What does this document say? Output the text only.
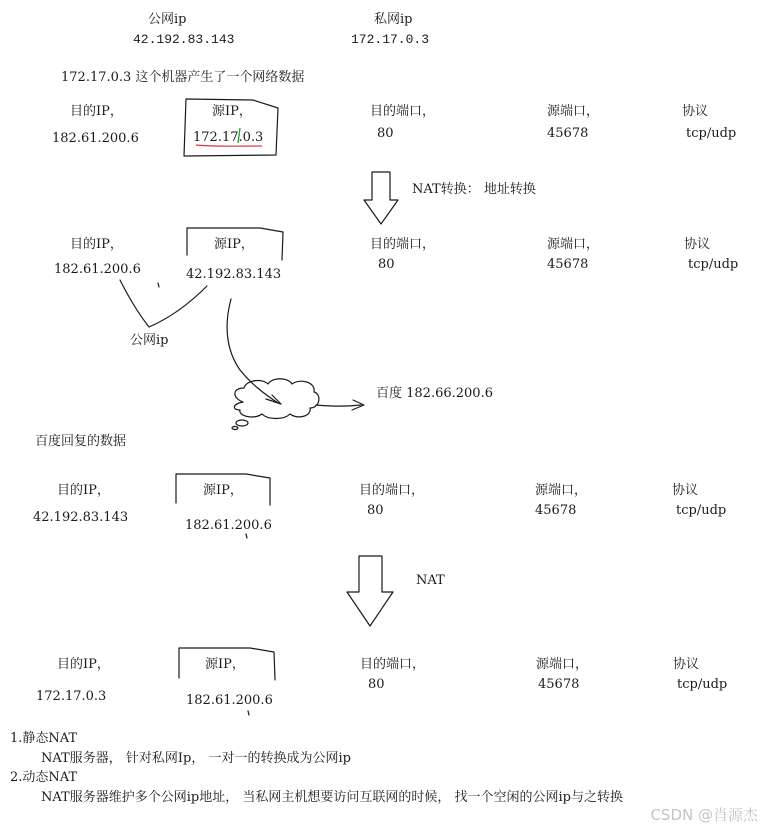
公网ip
42.192.83.143
私网ip
172.17.0.3
172.17.0.3 这个机器产生了一个网络数据
目的IP，
182.61.200.6
源IP，
172.17.0.3
目的端口，
80
源端口，
45678
协议
tcp/udp
NAT转换： 地址转换
目的IP，
182.61.200.6
源IP，
42.192.83.143
目的端口，
80
源端口，
45678
协议
tcp/udp
公网ip
百度 182.66.200.6
百度回复的数据
目的IP，
42.192.83.143
源IP，
182.61.200.6
目的端口，
80
源端口，
45678
协议
tcp/udp
NAT
目的IP，
172.17.0.3
源IP，
182.61.200.6
目的端口，
80
源端口，
45678
协议
tcp/udp
1.静态NAT
NAT服务器， 针对私网Ip， 一对一的转换成为公网ip
2.动态NAT
NAT服务器维护多个公网ip地址， 当私网主机想要访问互联网的时候， 找一个空闲的公网ip与之转换
CSDN @肖源杰
